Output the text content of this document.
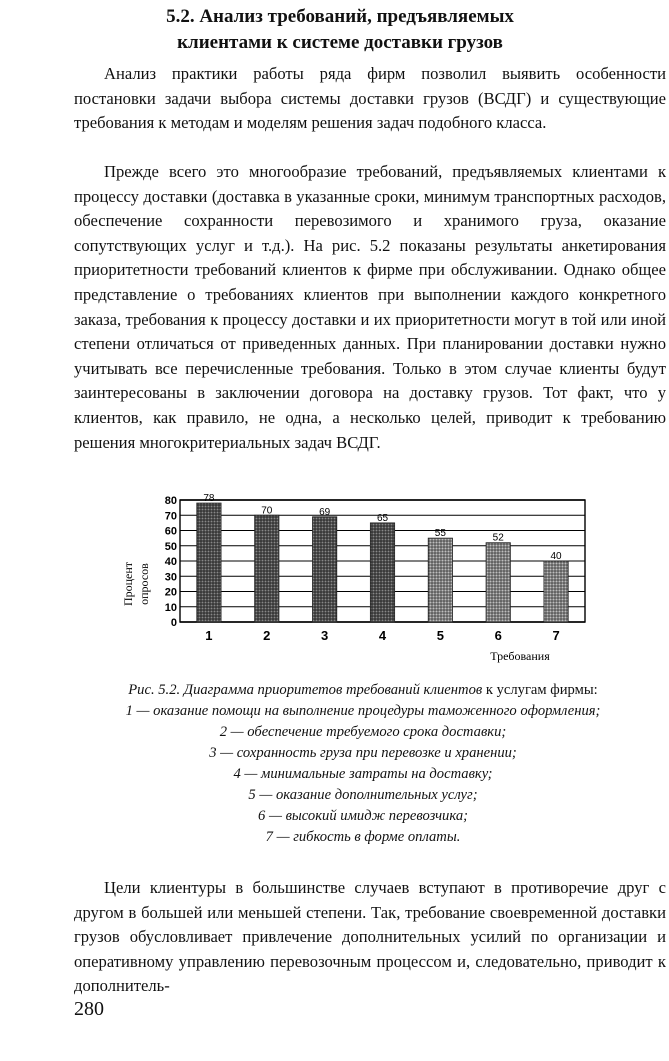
5.2. Анализ требований, предъявляемых
клиентами к системе доставки грузов

Анализ практики работы ряда фирм позволил выявить особенности постановки задачи выбора системы доставки грузов (ВСДГ) и существующие требования к методам и моделям решения задач подобного класса.

Прежде всего это многообразие требований, предъявляемых клиентами к процессу доставки (доставка в указанные сроки, минимум транспортных расходов, обеспечение сохранности перевозимого и хранимого груза, оказание сопутствующих услуг и т.д.). На рис. 5.2 показаны результаты анкетирования приоритетности требований клиентов к фирме при обслуживании. Однако общее представление о требованиях клиентов при выполнении каждого конкретного заказа, требования к процессу доставки и их приоритетности могут в той или иной степени отличаться от приведенных данных. При планировании доставки нужно учитывать все перечисленные требования. Только в этом случае клиенты будут заинтересованы в заключении договора на доставку грузов. Тот факт, что у клиентов, как правило, не одна, а несколько целей, приводит к требованию решения многокритериальных задач ВСДГ.

0
10
20
30
40
50
60
70
80	78
1
70
2
69
3
65
4
55
5
52
6
40
7
Процент опросов
Требования
Рис. 5.2. Диаграмма приоритетов требований клиентов к услугам фирмы:
1 — оказание помощи на выполнение процедуры таможенного оформления;
2 — обеспечение требуемого срока доставки;
3 — сохранность груза при перевозке и хранении;
4 — минимальные затраты на доставку;
5 — оказание дополнительных услуг;
6 — высокий имидж перевозчика;
7 — гибкость в форме оплаты.

Цели клиентуры в большинстве случаев вступают в противоречие друг с другом в большей или меньшей степени. Так, требование своевременной доставки грузов обусловливает привлечение дополнительных усилий по организации и оперативному управлению перевозочным процессом и, следовательно, приводит к дополнитель-

280
